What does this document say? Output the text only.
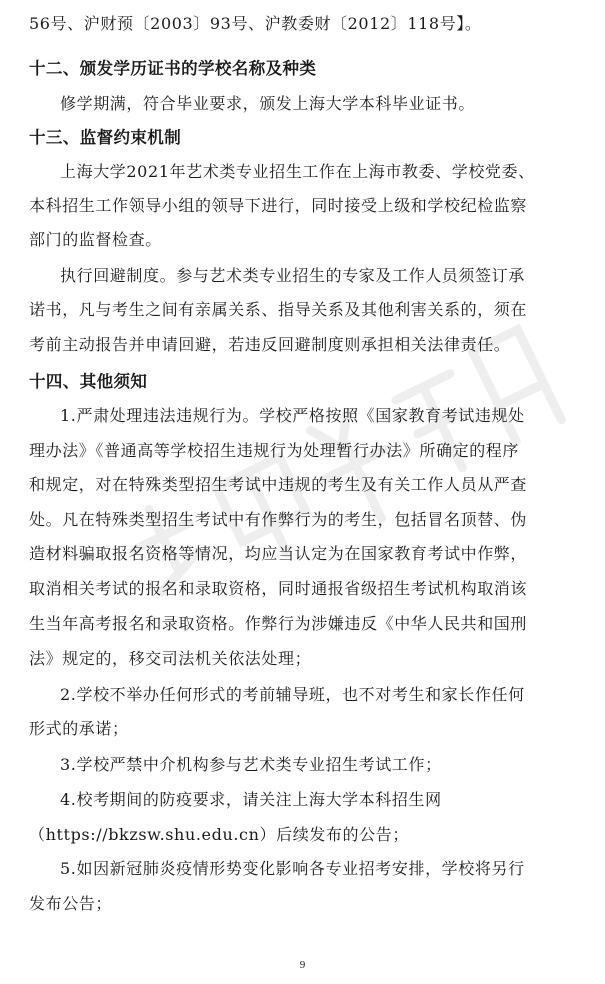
56号、沪财预〔2003〕93号、沪教委财〔2012〕118号】。
十二、颁发学历证书的学校名称及种类
修学期满，符合毕业要求，颁发上海大学本科毕业证书。
十三、监督约束机制
上海大学2021年艺术类专业招生工作在上海市教委、学校党委、
本科招生工作领导小组的领导下进行，同时接受上级和学校纪检监察
部门的监督检查。
执行回避制度。参与艺术类专业招生的专家及工作人员须签订承
诺书，凡与考生之间有亲属关系、指导关系及其他利害关系的，须在
考前主动报告并申请回避，若违反回避制度则承担相关法律责任。
十四、其他须知
1.严肃处理违法违规行为。学校严格按照《国家教育考试违规处
理办法》《普通高等学校招生违规行为处理暂行办法》所确定的程序
和规定，对在特殊类型招生考试中违规的考生及有关工作人员从严查
处。凡在特殊类型招生考试中有作弊行为的考生，包括冒名顶替、伪
造材料骗取报名资格等情况，均应当认定为在国家教育考试中作弊，
取消相关考试的报名和录取资格，同时通报省级招生考试机构取消该
生当年高考报名和录取资格。作弊行为涉嫌违反《中华人民共和国刑
法》规定的，移交司法机关依法处理；
2.学校不举办任何形式的考前辅导班，也不对考生和家长作任何
形式的承诺；
3.学校严禁中介机构参与艺术类专业招生考试工作；
4.校考期间的防疫要求，请关注上海大学本科招生网
（https://bkzsw.shu.edu.cn）后续发布的公告；
5.如因新冠肺炎疫情形势变化影响各专业招考安排，学校将另行
发布公告；
9
